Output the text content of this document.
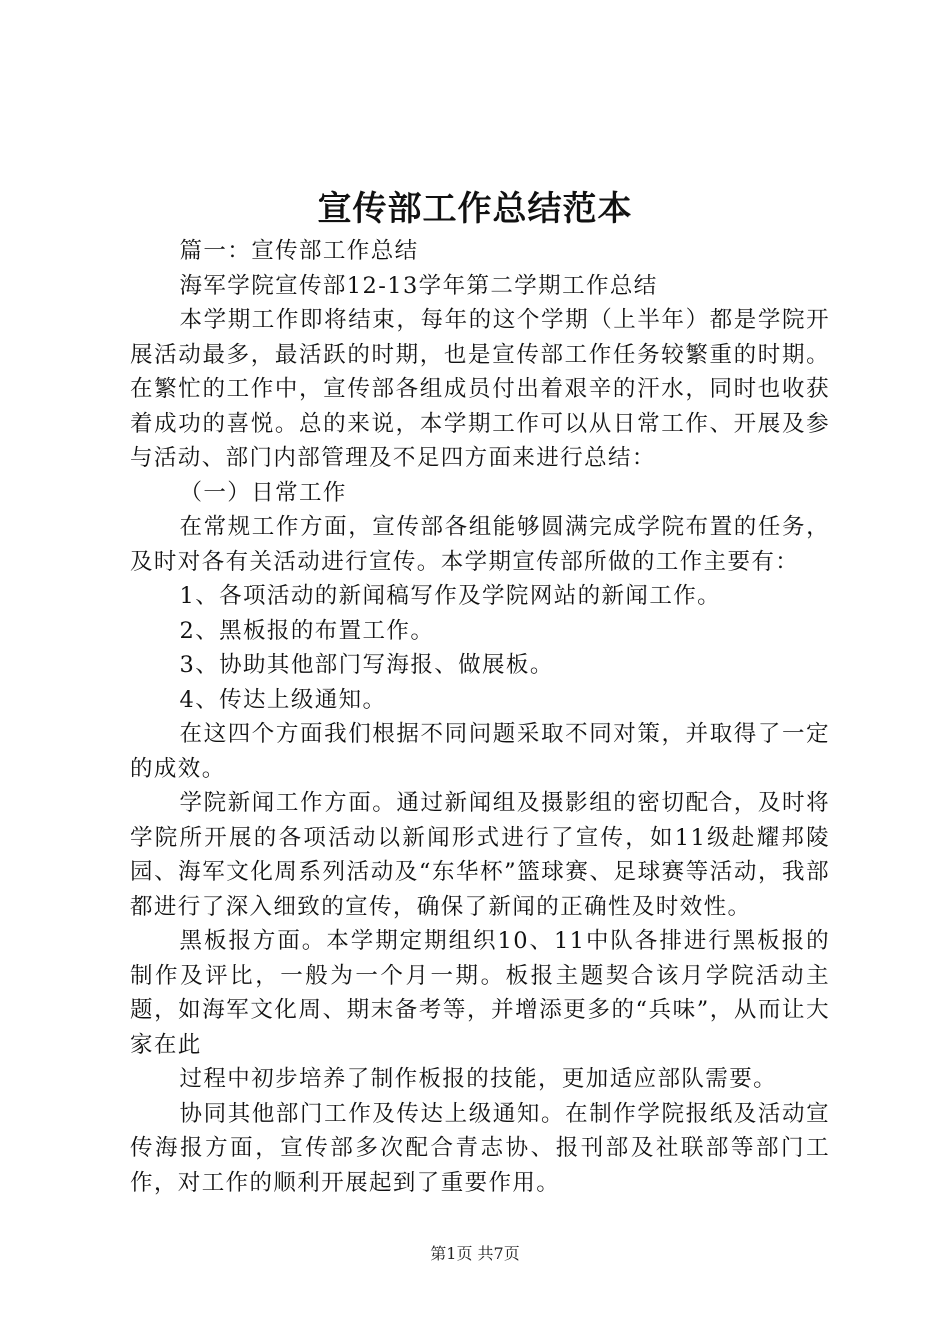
宣传部工作总结范本

篇一：宣传部工作总结

海军学院宣传部12-13学年第二学期工作总结

本学期工作即将结束，每年的这个学期（上半年）都是学院开展活动最多，最活跃的时期，也是宣传部工作任务较繁重的时期。在繁忙的工作中，宣传部各组成员付出着艰辛的汗水，同时也收获着成功的喜悦。总的来说，本学期工作可以从日常工作、开展及参与活动、部门内部管理及不足四方面来进行总结：

（一）日常工作

在常规工作方面，宣传部各组能够圆满完成学院布置的任务，及时对各有关活动进行宣传。本学期宣传部所做的工作主要有：

1、各项活动的新闻稿写作及学院网站的新闻工作。

2、黑板报的布置工作。

3、协助其他部门写海报、做展板。

4、传达上级通知。

在这四个方面我们根据不同问题采取不同对策，并取得了一定的成效。

学院新闻工作方面。通过新闻组及摄影组的密切配合，及时将学院所开展的各项活动以新闻形式进行了宣传，如11级赴耀邦陵园、海军文化周系列活动及“东华杯”篮球赛、足球赛等活动，我部都进行了深入细致的宣传，确保了新闻的正确性及时效性。

黑板报方面。本学期定期组织10、11中队各排进行黑板报的制作及评比，一般为一个月一期。板报主题契合该月学院活动主题，如海军文化周、期末备考等，并增添更多的“兵味”，从而让大家在此

过程中初步培养了制作板报的技能，更加适应部队需要。

协同其他部门工作及传达上级通知。在制作学院报纸及活动宣传海报方面，宣传部多次配合青志协、报刊部及社联部等部门工作，对工作的顺利开展起到了重要作用。

第1页 共7页
